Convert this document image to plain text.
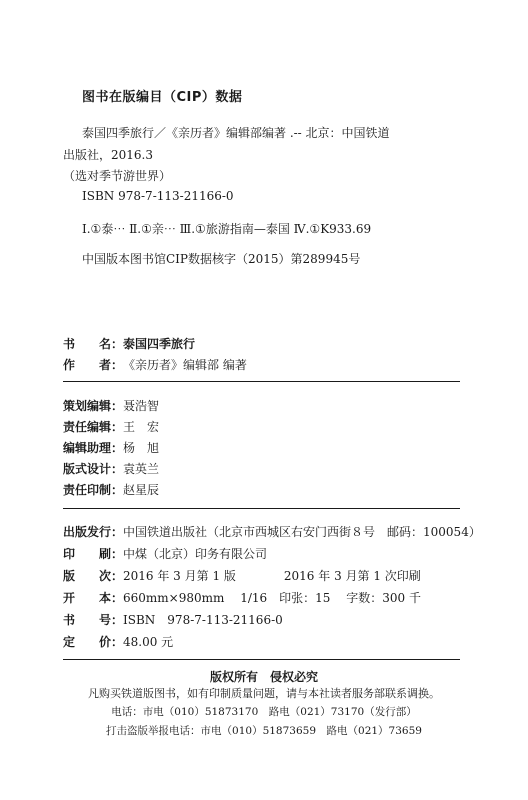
图书在版编目（CIP）数据
泰国四季旅行／《亲历者》编辑部编著 .-- 北京：中国铁道
出版社，2016.3
（选对季节游世界）
ISBN 978-7-113-21166-0
Ⅰ.①泰⋯ Ⅱ.①亲⋯ Ⅲ.①旅游指南—泰国 Ⅳ.①K933.69
中国版本图书馆CIP数据核字（2015）第289945号
书　　名：泰国四季旅行
作　　者：《亲历者》编辑部 编著
策划编辑：聂浩智
责任编辑：王　宏
编辑助理：杨　旭
版式设计：袁英兰
责任印制：赵星辰
出版发行：中国铁道出版社（北京市西城区右安门西街８号　邮码：100054）
印　　刷：中煤（北京）印务有限公司
版　　次：2016 年 3 月第 1 版　　　　2016 年 3 月第 1 次印刷
开　　本：660mm×980mm　 1/16　印张：15　 字数：300 千
书　　号：ISBN　978-7-113-21166-0
定　　价：48.00 元
版权所有　侵权必究
凡购买铁道版图书，如有印制质量问题，请与本社读者服务部联系调换。
电话：市电（010）51873170　路电（021）73170（发行部）
打击盗版举报电话：市电（010）51873659　路电（021）73659
